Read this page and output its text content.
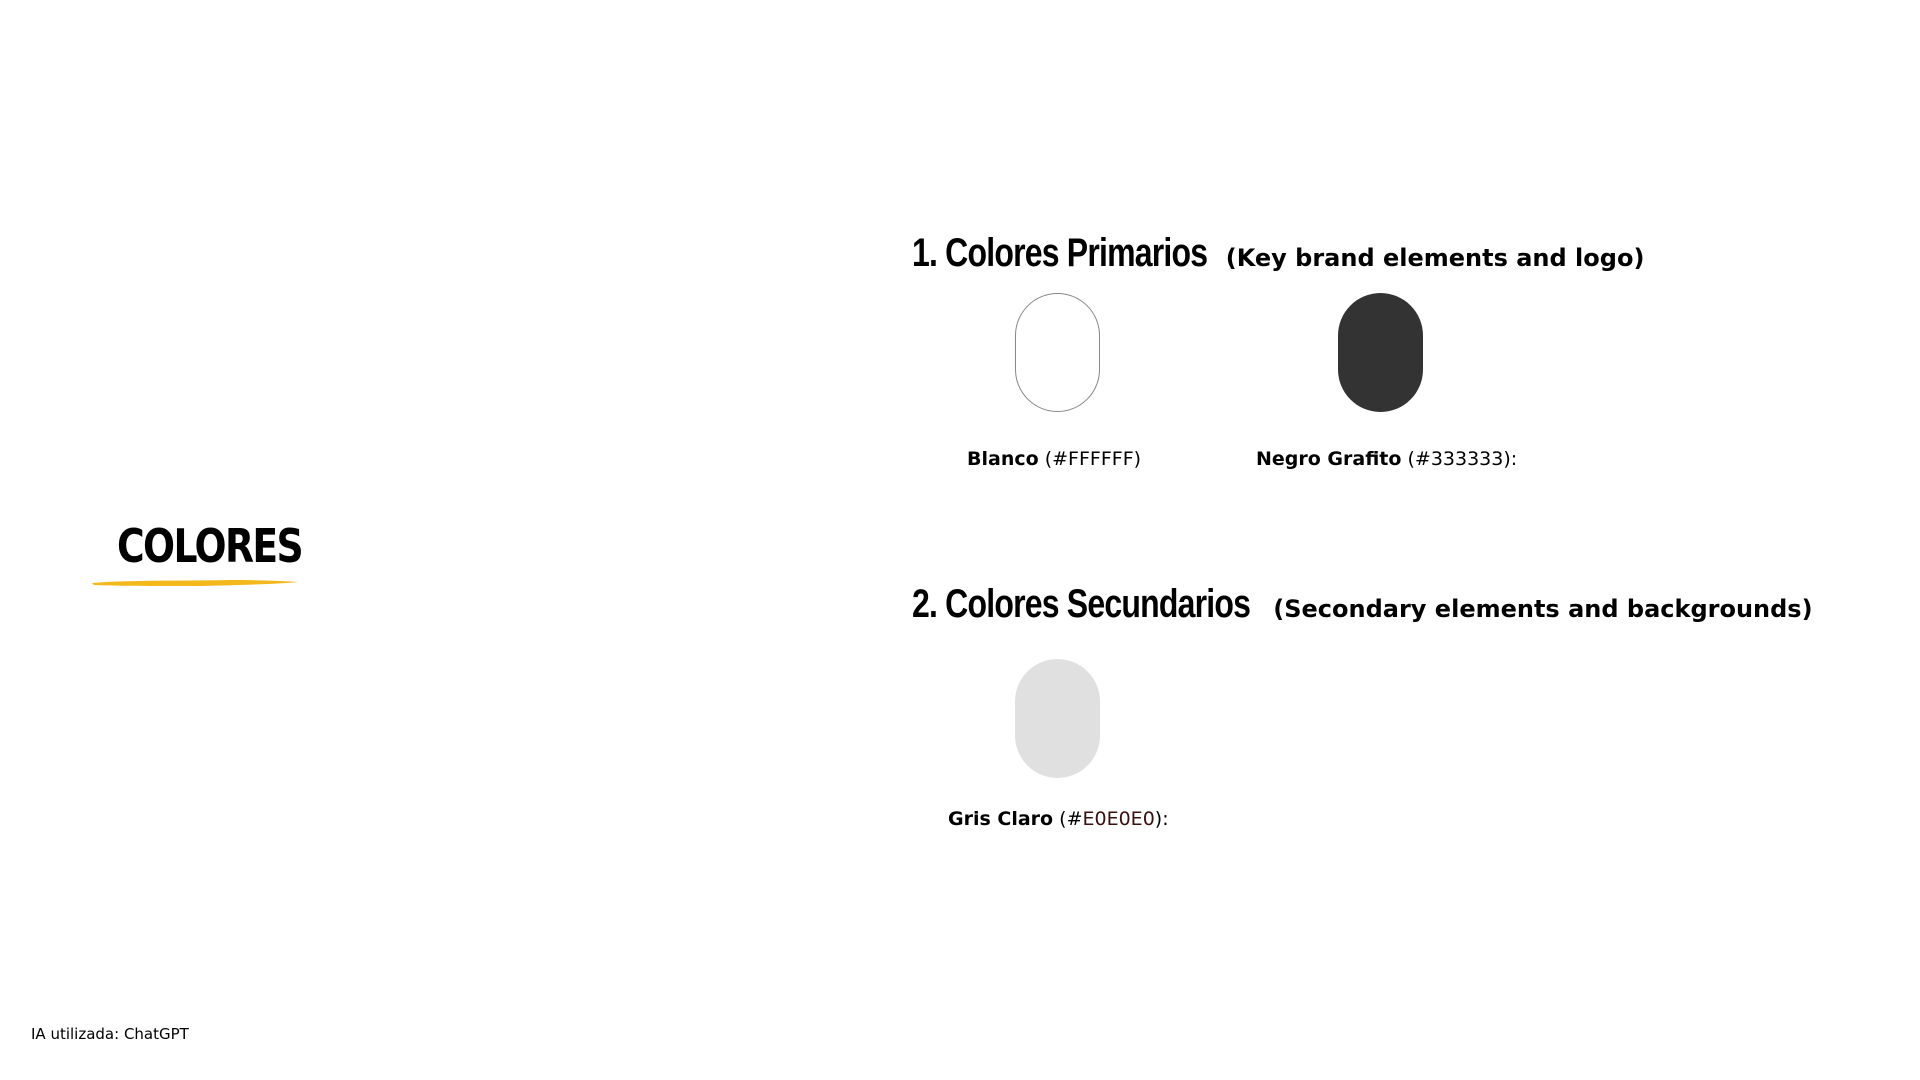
COLORES
1. Colores Primarios (Key brand elements and logo)
Blanco (#FFFFFF)	Negro Grafito (#333333):
2. Colores Secundarios (Secondary elements and backgrounds)
Gris Claro (#E0E0E0):
IA utilizada: ChatGPT
